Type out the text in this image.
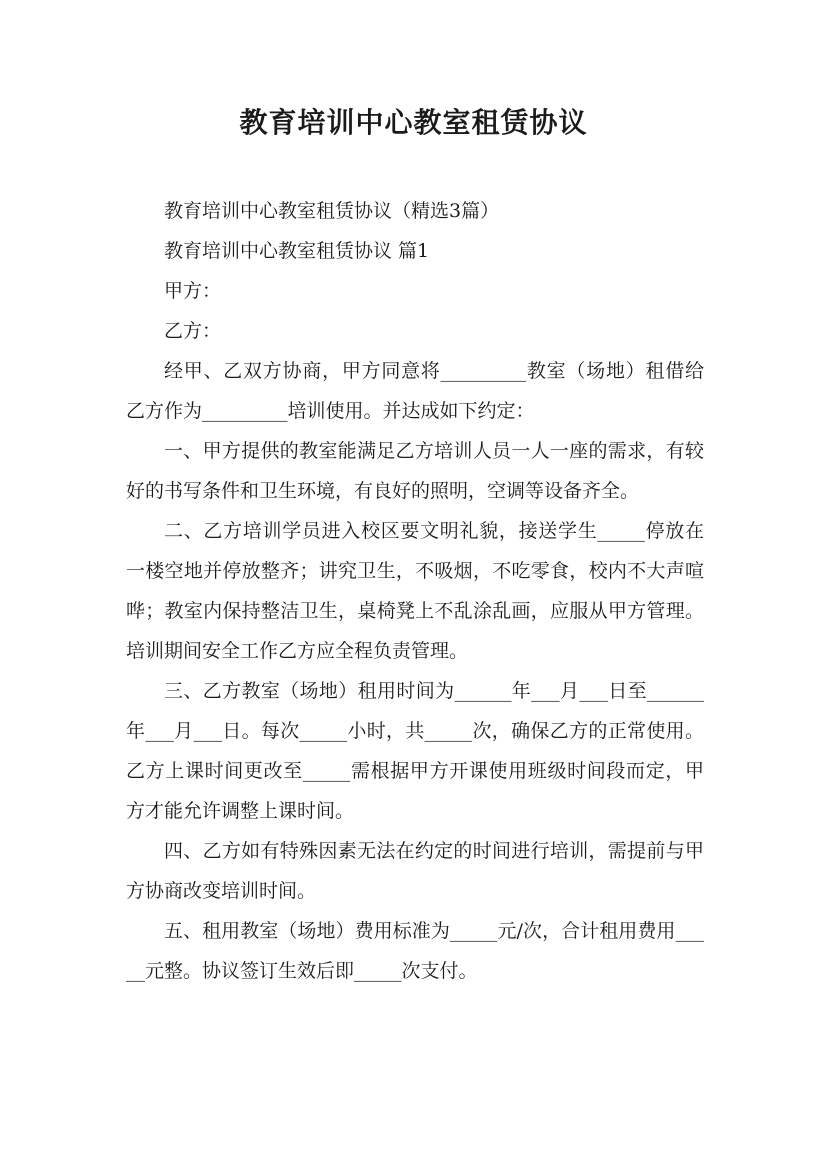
教育培训中心教室租赁协议

教育培训中心教室租赁协议（精选3篇）

教育培训中心教室租赁协议 篇1

甲方：

乙方：

经甲、乙双方协商，甲方同意将_________教室（场地）租借给乙方作为_________培训使用。并达成如下约定：

一、甲方提供的教室能满足乙方培训人员一人一座的需求，有较好的书写条件和卫生环境，有良好的照明，空调等设备齐全。

二、乙方培训学员进入校区要文明礼貌，接送学生_____停放在一楼空地并停放整齐；讲究卫生，不吸烟，不吃零食，校内不大声喧哗；教室内保持整洁卫生，桌椅凳上不乱涂乱画，应服从甲方管理。培训期间安全工作乙方应全程负责管理。

三、乙方教室（场地）租用时间为______年___月___日至______年___月___日。每次_____小时，共_____次，确保乙方的正常使用。乙方上课时间更改至_____需根据甲方开课使用班级时间段而定，甲方才能允许调整上课时间。

四、乙方如有特殊因素无法在约定的时间进行培训，需提前与甲方协商改变培训时间。

五、租用教室（场地）费用标准为_____元/次，合计租用费用_____元整。协议签订生效后即_____次支付。
